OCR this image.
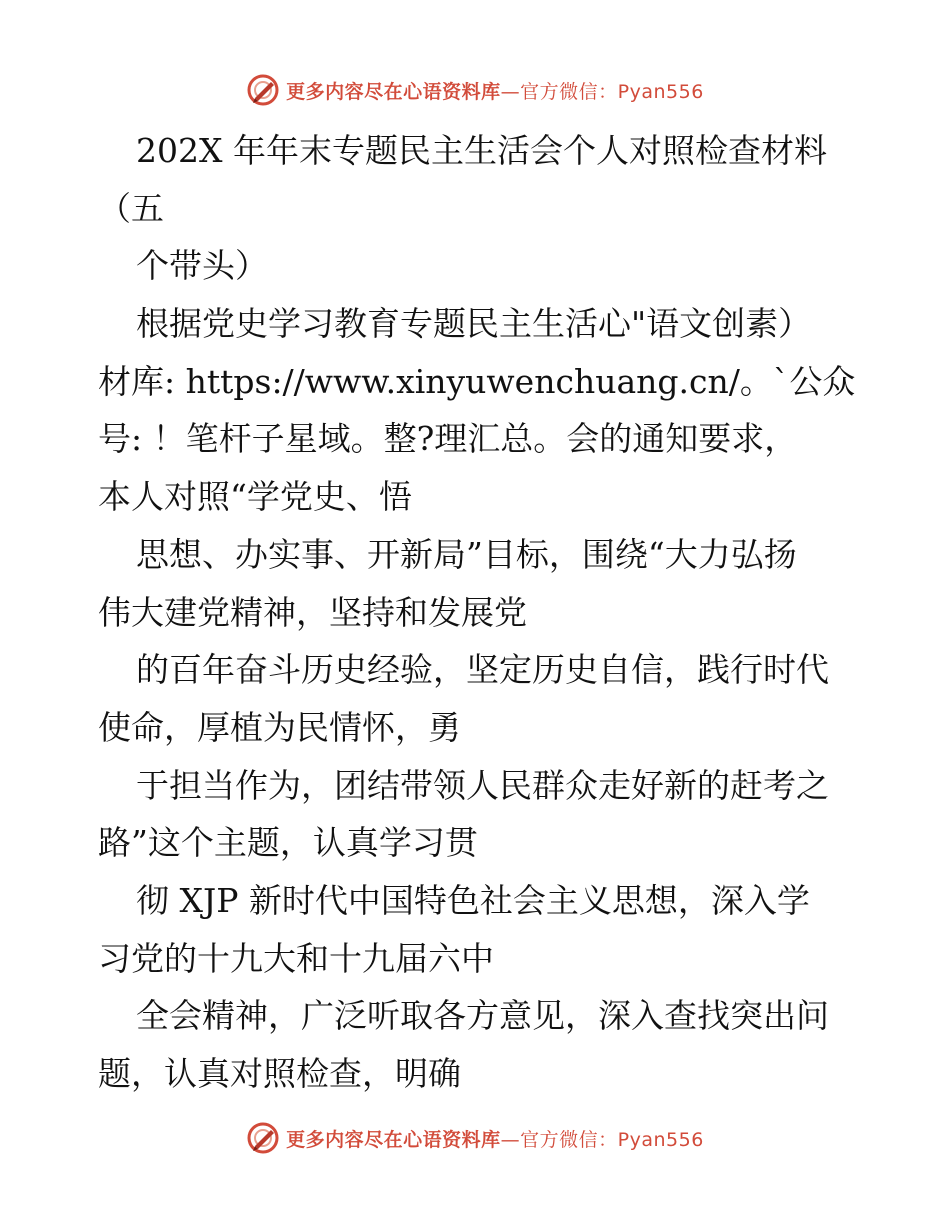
更多内容尽在心语资料库—官方微信：Pyan556
202X 年年末专题民主生活会个人对照检查材料
（五
个带头）
根据党史学习教育专题民主生活心"语文创素）
材库: https://www.xinyuwenchuang.cn/。`公众
号: ！笔杆子星域。整?理汇总。会的通知要求，
本人对照“学党史、悟
思想、办实事、开新局”目标，围绕“大力弘扬
伟大建党精神，坚持和发展党
的百年奋斗历史经验，坚定历史自信，践行时代
使命，厚植为民情怀，勇
于担当作为，团结带领人民群众走好新的赶考之
路”这个主题，认真学习贯
彻 XJP 新时代中国特色社会主义思想，深入学
习党的十九大和十九届六中
全会精神，广泛听取各方意见，深入查找突出问
题，认真对照检查，明确
更多内容尽在心语资料库—官方微信：Pyan556
